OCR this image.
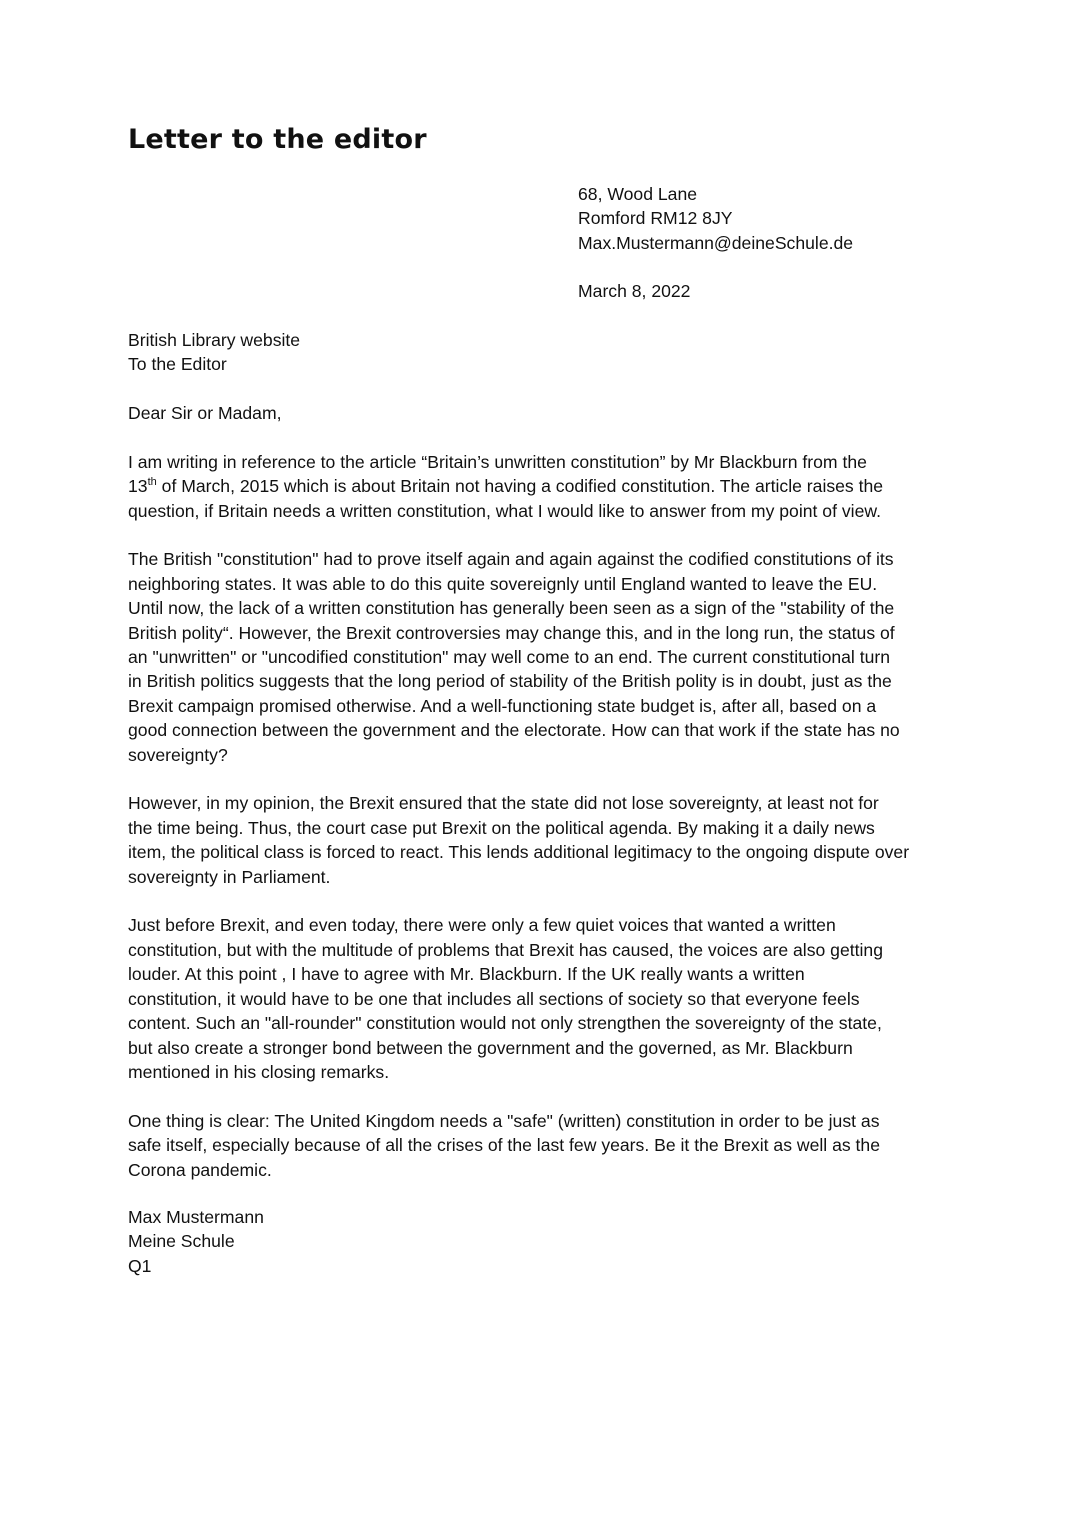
Letter to the editor
68, Wood Lane
Romford RM12 8JY
Max.Mustermann@deineSchule.de
March 8, 2022
British Library website
To the Editor

Dear Sir or Madam,

I am writing in reference to the article “Britain’s unwritten constitution” by Mr Blackburn from the
13th of March, 2015 which is about Britain not having a codified constitution. The article raises the
question, if Britain needs a written constitution, what I would like to answer from my point of view.

The British "constitution" had to prove itself again and again against the codified constitutions of its
neighboring states. It was able to do this quite sovereignly until England wanted to leave the EU.
Until now, the lack of a written constitution has generally been seen as a sign of the "stability of the
British polity“. However, the Brexit controversies may change this, and in the long run, the status of
an "unwritten" or "uncodified constitution" may well come to an end. The current constitutional turn
in British politics suggests that the long period of stability of the British polity is in doubt, just as the
Brexit campaign promised otherwise. And a well-functioning state budget is, after all, based on a
good connection between the government and the electorate. How can that work if the state has no
sovereignty?

However, in my opinion, the Brexit ensured that the state did not lose sovereignty, at least not for
the time being. Thus, the court case put Brexit on the political agenda. By making it a daily news
item, the political class is forced to react. This lends additional legitimacy to the ongoing dispute over
sovereignty in Parliament.

Just before Brexit, and even today, there were only a few quiet voices that wanted a written
constitution, but with the multitude of problems that Brexit has caused, the voices are also getting
louder. At this point , I have to agree with Mr. Blackburn. If the UK really wants a written
constitution, it would have to be one that includes all sections of society so that everyone feels
content. Such an "all-rounder" constitution would not only strengthen the sovereignty of the state,
but also create a stronger bond between the government and the governed, as Mr. Blackburn
mentioned in his closing remarks.

One thing is clear: The United Kingdom needs a "safe" (written) constitution in order to be just as
safe itself, especially because of all the crises of the last few years. Be it the Brexit as well as the
Corona pandemic.

Max Mustermann
Meine Schule
Q1
